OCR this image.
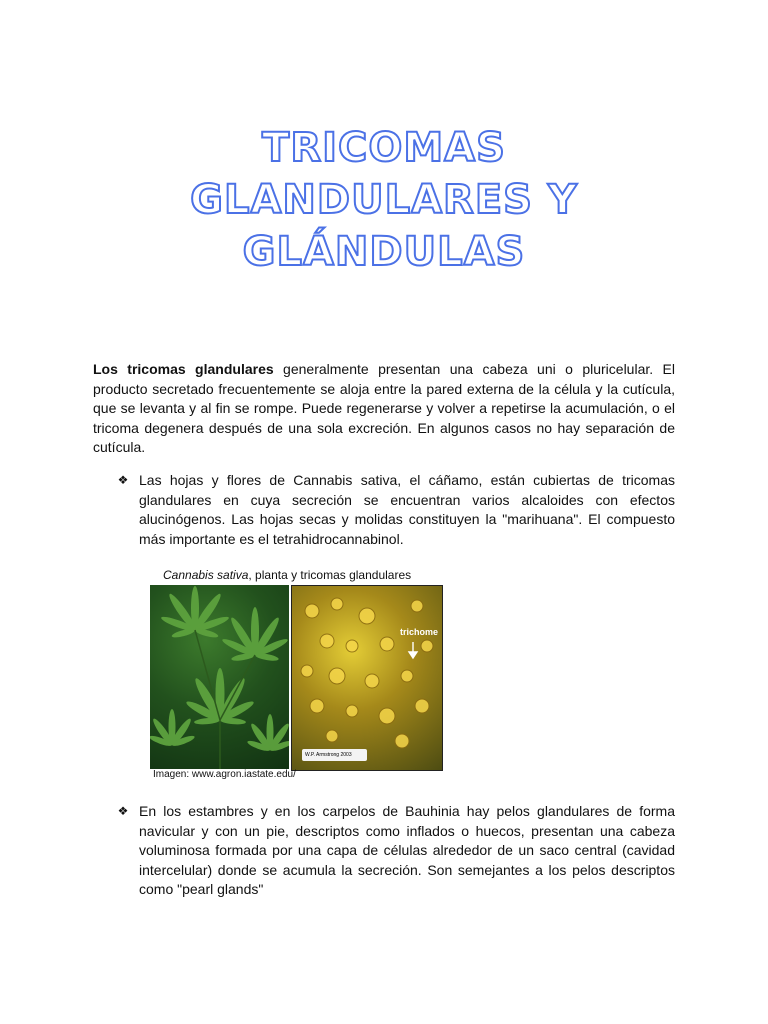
TRICOMAS
GLANDULARES Y
GLÁNDULAS

Los tricomas glandulares generalmente presentan una cabeza uni o pluricelular. El producto secretado frecuentemente se aloja entre la pared externa de la célula y la cutícula, que se levanta y al fin se rompe. Puede regenerarse y volver a repetirse la acumulación, o el tricoma degenera después de una sola excreción. En algunos casos no hay separación de cutícula.

❖ Las hojas y flores de Cannabis sativa, el cáñamo, están cubiertas de tricomas glandulares en cuya secreción se encuentran varios alcaloides con efectos alucinógenos. Las hojas secas y molidas constituyen la "marihuana". El compuesto más importante es el tetrahidrocannabinol.
Cannabis sativa, planta y tricomas glandulares
trichome
W.P. Armstrong 2003
Imagen: www.agron.iastate.edu/
❖ En los estambres y en los carpelos de Bauhinia hay pelos glandulares de forma navicular y con un pie, descriptos como inflados o huecos, presentan una cabeza voluminosa formada por una capa de células alrededor de un saco central (cavidad intercelular) donde se acumula la secreción. Son semejantes a los pelos descriptos como "pearl glands"
